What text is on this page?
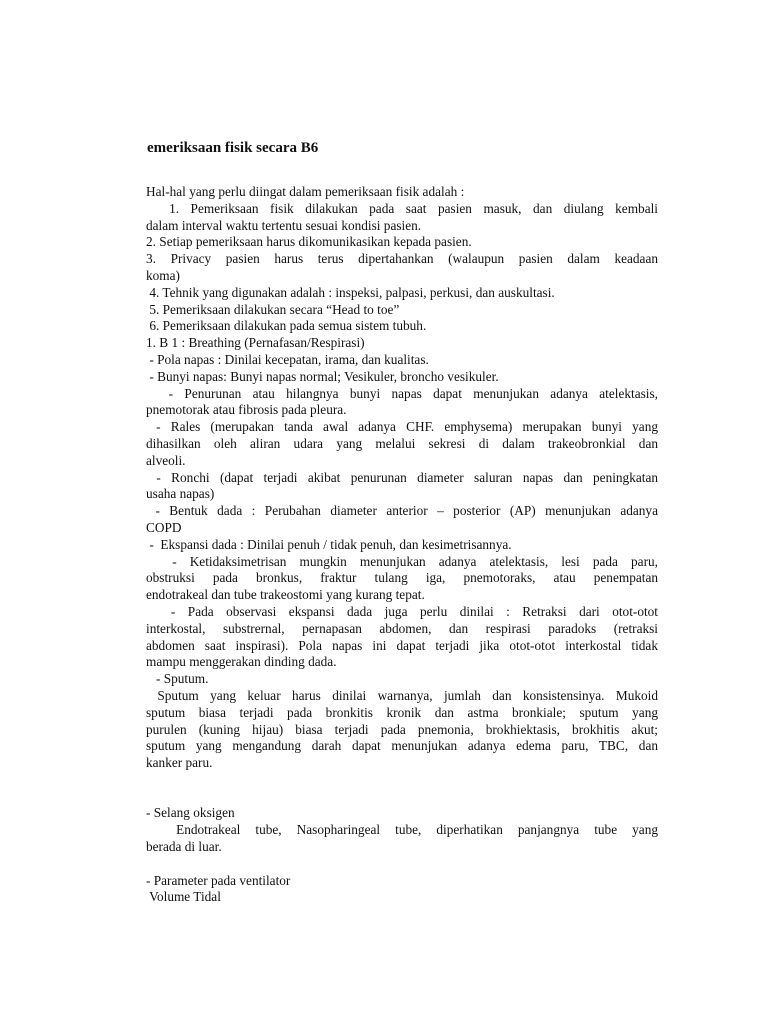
emeriksaan fisik secara B6
Hal-hal yang perlu diingat dalam pemeriksaan fisik adalah :
1. Pemeriksaan fisik dilakukan pada saat pasien masuk, dan diulang kembali
dalam interval waktu tertentu sesuai kondisi pasien.
2. Setiap pemeriksaan harus dikomunikasikan kepada pasien.
3. Privacy pasien harus terus dipertahankan (walaupun pasien dalam keadaan
koma)
4. Tehnik yang digunakan adalah : inspeksi, palpasi, perkusi, dan auskultasi.
5. Pemeriksaan dilakukan secara “Head to toe”
6. Pemeriksaan dilakukan pada semua sistem tubuh.
1. B 1 : Breathing (Pernafasan/Respirasi)
- Pola napas : Dinilai kecepatan, irama, dan kualitas.
- Bunyi napas: Bunyi napas normal; Vesikuler, broncho vesikuler.
- Penurunan atau hilangnya bunyi napas dapat menunjukan adanya atelektasis,
pnemotorak atau fibrosis pada pleura.
- Rales (merupakan tanda awal adanya CHF. emphysema) merupakan bunyi yang
dihasilkan oleh aliran udara yang melalui sekresi di dalam trakeobronkial dan
alveoli.
- Ronchi (dapat terjadi akibat penurunan diameter saluran napas dan peningkatan
usaha napas)
- Bentuk dada : Perubahan diameter anterior – posterior (AP) menunjukan adanya
COPD
-  Ekspansi dada : Dinilai penuh / tidak penuh, dan kesimetrisannya.
- Ketidaksimetrisan mungkin menunjukan adanya atelektasis, lesi pada paru,
obstruksi pada bronkus, fraktur tulang iga, pnemotoraks, atau penempatan
endotrakeal dan tube trakeostomi yang kurang tepat.
- Pada observasi ekspansi dada juga perlu dinilai : Retraksi dari otot-otot
interkostal, substrernal, pernapasan abdomen, dan respirasi paradoks (retraksi
abdomen saat inspirasi). Pola napas ini dapat terjadi jika otot-otot interkostal tidak
mampu menggerakan dinding dada.
- Sputum.
Sputum yang keluar harus dinilai warnanya, jumlah dan konsistensinya. Mukoid
sputum biasa terjadi pada bronkitis kronik dan astma bronkiale; sputum yang
purulen (kuning hijau) biasa terjadi pada pnemonia, brokhiektasis, brokhitis akut;
sputum yang mengandung darah dapat menunjukan adanya edema paru, TBC, dan
kanker paru.
- Selang oksigen
Endotrakeal tube, Nasopharingeal tube, diperhatikan panjangnya tube yang
berada di luar.
- Parameter pada ventilator
Volume Tidal
